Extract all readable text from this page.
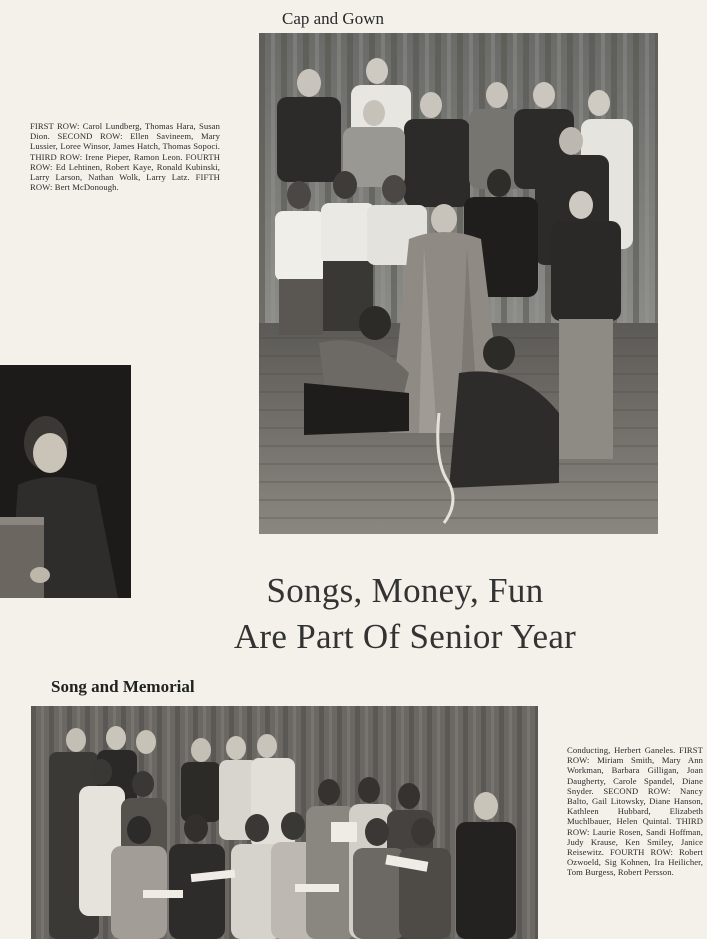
Cap and Gown
FIRST ROW: Carol Lundberg, Thomas Hara, Susan Dion. SECOND ROW: Ellen Savineem, Mary Lussier, Loree Winsor, James Hatch, Thomas Sopoci. THIRD ROW: Irene Pieper, Ramon Leon. FOURTH ROW: Ed Lehtinen, Robert Kaye, Ronald Kubinski, Larry Larson, Nathan Wolk, Larry Latz. FIFTH ROW: Bert McDonough.
Songs, Money, Fun
Are Part Of Senior Year
Song and Memorial
Conducting, Herbert Ganeles. FIRST ROW: Miriam Smith, Mary Ann Workman, Barbara Gilligan, Joan Daugherty, Carole Spandel, Diane Snyder. SECOND ROW: Nancy Balto, Gail Litowsky, Diane Hanson, Kathleen Hubbard, Elizabeth Muchlbauer, Helen Quintal. THIRD ROW: Laurie Rosen, Sandi Hoffman, Judy Krause, Ken Smiley, Janice Reisewitz. FOURTH ROW: Robert Ozwoeld, Sig Kohnen, Ira Heilicher, Tom Burgess, Robert Persson.
